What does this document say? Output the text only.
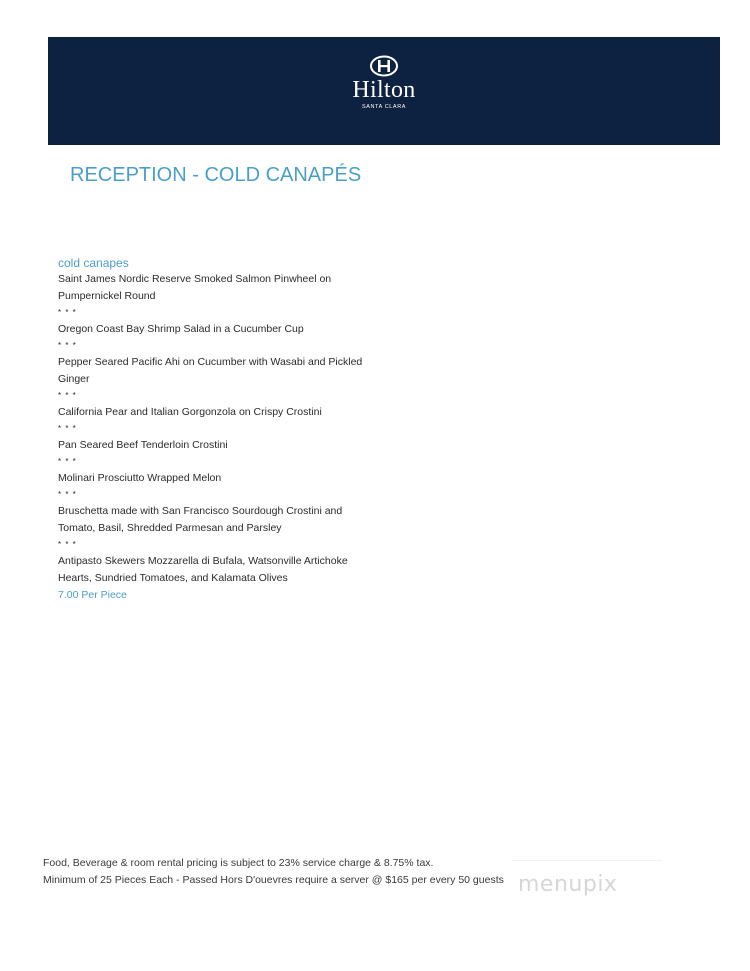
Hilton
SANTA CLARA
RECEPTION - COLD CANAPÉS
cold canapes
Saint James Nordic Reserve Smoked Salmon Pinwheel on Pumpernickel Round
* * *
Oregon Coast Bay Shrimp Salad in a Cucumber Cup
* * *
Pepper Seared Pacific Ahi on Cucumber with Wasabi and Pickled Ginger
* * *
California Pear and Italian Gorgonzola on Crispy Crostini
* * *
Pan Seared Beef Tenderloin Crostini
* * *
Molinari Prosciutto Wrapped Melon
* * *
Bruschetta made with San Francisco Sourdough Crostini and Tomato, Basil, Shredded Parmesan and Parsley
* * *
Antipasto Skewers Mozzarella di Bufala, Watsonville Artichoke Hearts, Sundried Tomatoes, and Kalamata Olives
7.00 Per Piece
Food, Beverage & room rental pricing is subject to 23% service charge & 8.75% tax.
Minimum of 25 Pieces Each - Passed Hors D'ouevres require a server @ $165 per every 50 guests menupix
